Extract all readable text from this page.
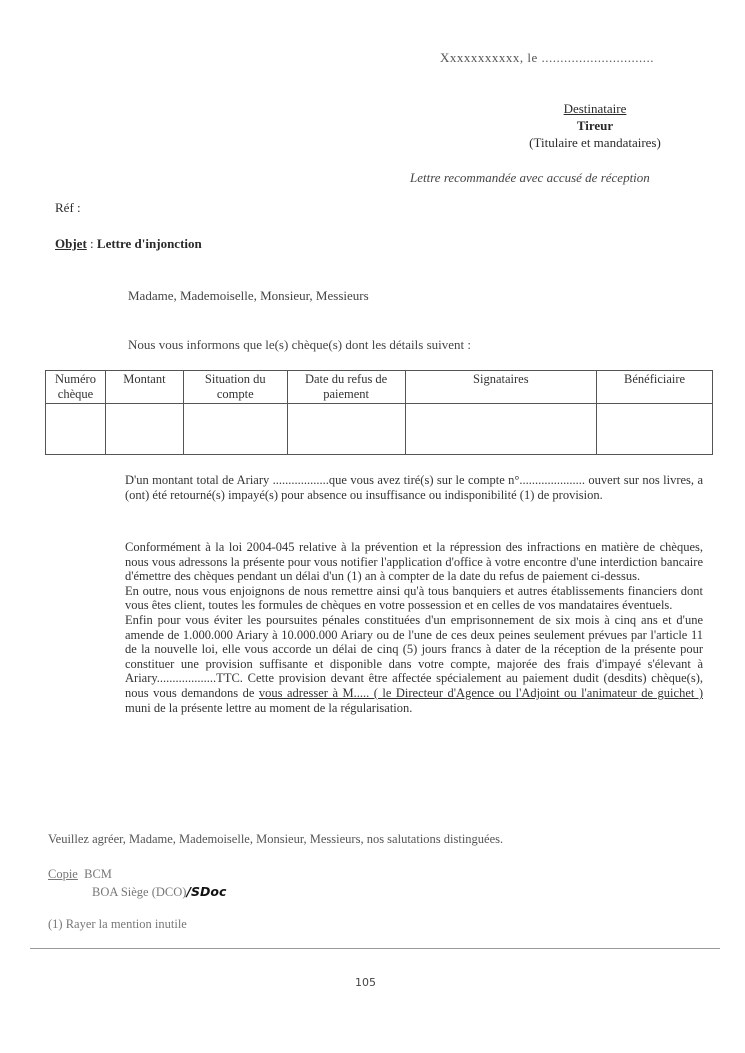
Xxxxxxxxxxx, le ..............................

Destinataire
Tireur
(Titulaire et mandataires)

Lettre recommandée avec accusé de réception

Réf :

Objet : Lettre d'injonction

Madame, Mademoiselle, Monsieur, Messieurs

Nous vous informons que le(s) chèque(s) dont les détails suivent :

Numéro chèque	Montant	Situation du compte	Date du refus de paiement	Signataires	Bénéficiaire

D'un montant total de Ariary ..................que vous avez tiré(s) sur le compte n°..................... ouvert sur nos livres, a (ont) été retourné(s) impayé(s) pour absence ou insuffisance ou indisponibilité (1) de provision.

Conformément à la loi 2004-045 relative à la prévention et la répression des infractions en matière de chèques, nous vous adressons la présente pour vous notifier l'application d'office à votre encontre d'une interdiction bancaire d'émettre des chèques pendant un délai d'un (1) an à compter de la date du refus de paiement ci-dessus.
En outre, nous vous enjoignons de nous remettre ainsi qu'à tous banquiers et autres établissements financiers dont vous êtes client, toutes les formules de chèques en votre possession et en celles de vos mandataires éventuels.
Enfin pour vous éviter les poursuites pénales constituées d'un emprisonnement de six mois à cinq ans et d'une amende de 1.000.000 Ariary à 10.000.000 Ariary ou de l'une de ces deux peines seulement prévues par l'article 11 de la nouvelle loi, elle vous accorde un délai de cinq (5) jours francs à dater de la réception de la présente pour constituer une provision suffisante et disponible dans votre compte, majorée des frais d'impayé s'élevant à Ariary...................TTC. Cette provision devant être affectée spécialement au paiement dudit (desdits) chèque(s), nous vous demandons de vous adresser à M..... ( le Directeur d'Agence ou l'Adjoint ou l'animateur de guichet ) muni de la présente lettre au moment de la régularisation.

Veuillez agréer, Madame, Mademoiselle, Monsieur, Messieurs, nos salutations distinguées.

Copie BCM
BOA Siège (DCO)/SDoc

(1) Rayer la mention inutile

105
